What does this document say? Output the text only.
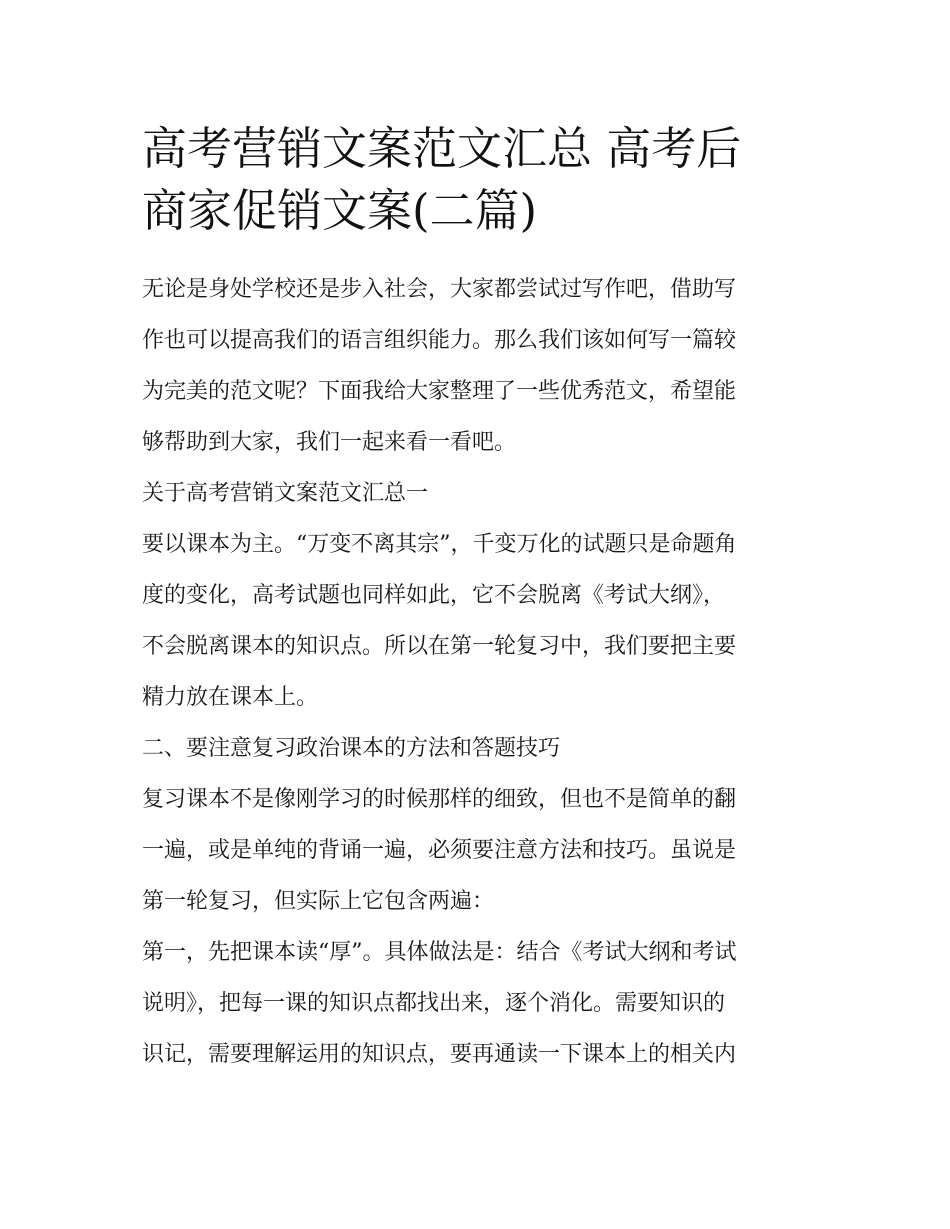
高考营销文案范文汇总 高考后
商家促销文案(二篇)

无论是身处学校还是步入社会，大家都尝试过写作吧，借助写
作也可以提高我们的语言组织能力。那么我们该如何写一篇较
为完美的范文呢？下面我给大家整理了一些优秀范文，希望能
够帮助到大家，我们一起来看一看吧。

关于高考营销文案范文汇总一

要以课本为主。“万变不离其宗”，千变万化的试题只是命题角
度的变化，高考试题也同样如此，它不会脱离《考试大纲》，
不会脱离课本的知识点。所以在第一轮复习中，我们要把主要
精力放在课本上。

二、要注意复习政治课本的方法和答题技巧

复习课本不是像刚学习的时候那样的细致，但也不是简单的翻
一遍，或是单纯的背诵一遍，必须要注意方法和技巧。虽说是
第一轮复习，但实际上它包含两遍：

第一，先把课本读“厚”。具体做法是：结合《考试大纲和考试
说明》，把每一课的知识点都找出来，逐个消化。需要知识的
识记，需要理解运用的知识点，要再通读一下课本上的相关内
